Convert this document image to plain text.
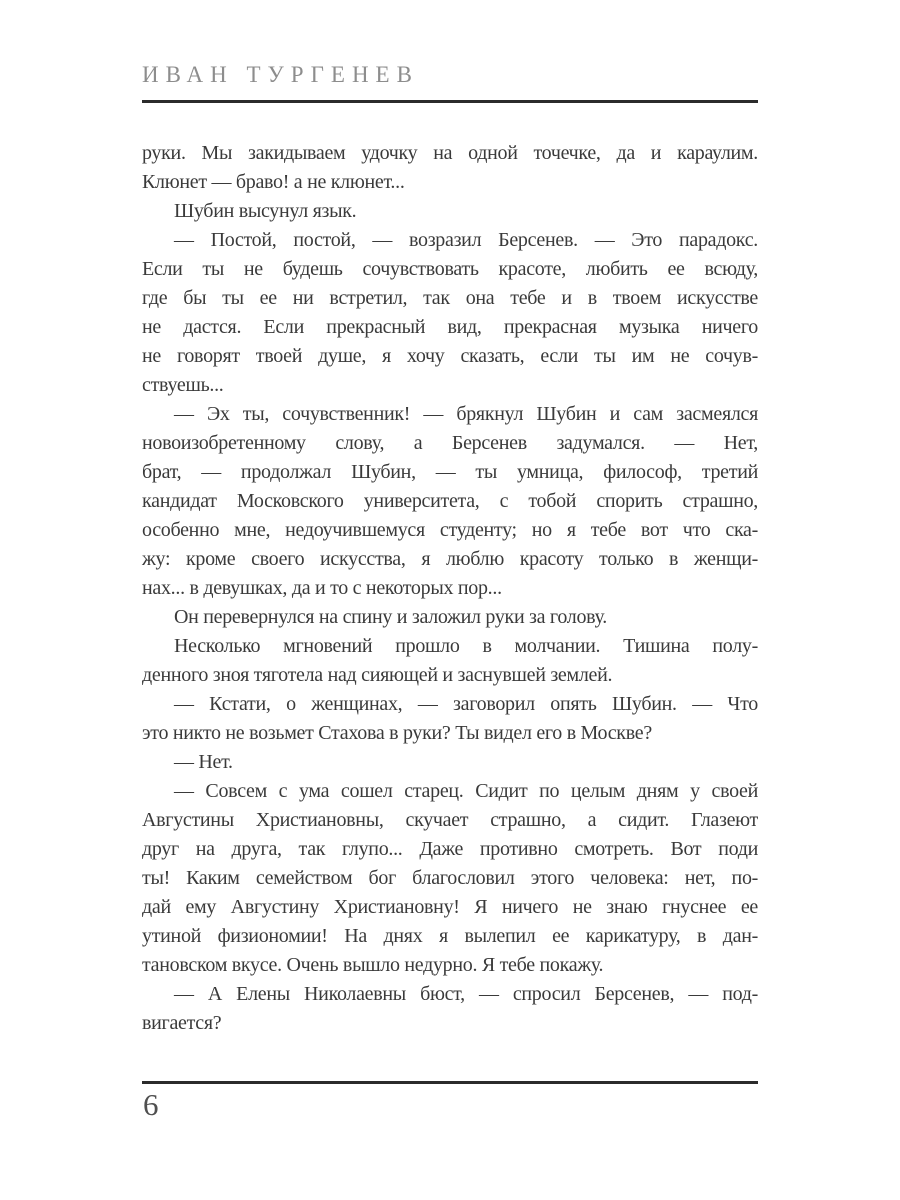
ИВАН ТУРГЕНЕВ
руки. Мы закидываем удочку на одной точечке, да и караулим.
Клюнет — браво! а не клюнет...
Шубин высунул язык.
— Постой, постой, — возразил Берсенев. — Это парадокс.
Если ты не будешь сочувствовать красоте, любить ее всюду,
где бы ты ее ни встретил, так она тебе и в твоем искусстве
не дастся. Если прекрасный вид, прекрасная музыка ничего
не говорят твоей душе, я хочу сказать, если ты им не сочув-
ствуешь...
— Эх ты, сочувственник! — брякнул Шубин и сам засмеялся
новоизобретенному слову, а Берсенев задумался. — Нет,
брат, — продолжал Шубин, — ты умница, философ, третий
кандидат Московского университета, с тобой спорить страшно,
особенно мне, недоучившемуся студенту; но я тебе вот что ска-
жу: кроме своего искусства, я люблю красоту только в женщи-
нах... в девушках, да и то с некоторых пор...
Он перевернулся на спину и заложил руки за голову.
Несколько мгновений прошло в молчании. Тишина полу-
денного зноя тяготела над сияющей и заснувшей землей.
— Кстати, о женщинах, — заговорил опять Шубин. — Что
это никто не возьмет Стахова в руки? Ты видел его в Москве?
— Нет.
— Совсем с ума сошел старец. Сидит по целым дням у своей
Августины Христиановны, скучает страшно, а сидит. Глазеют
друг на друга, так глупо... Даже противно смотреть. Вот поди
ты! Каким семейством бог благословил этого человека: нет, по-
дай ему Августину Христиановну! Я ничего не знаю гнуснее ее
утиной физиономии! На днях я вылепил ее карикатуру, в дан-
тановском вкусе. Очень вышло недурно. Я тебе покажу.
— А Елены Николаевны бюст, — спросил Берсенев, — под-
вигается?
6
